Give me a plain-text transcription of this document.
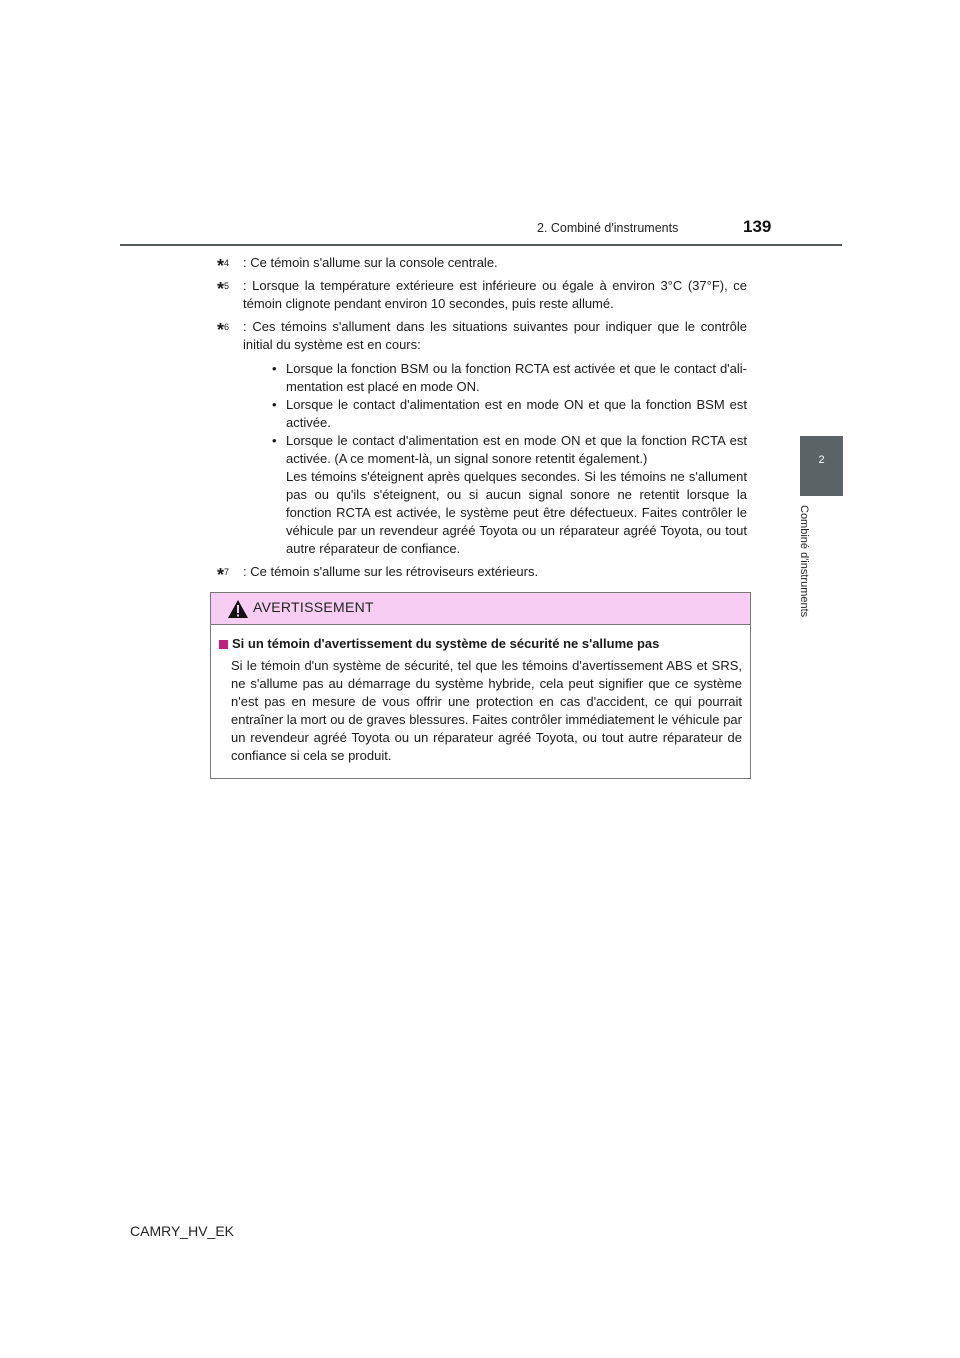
2. Combiné d'instruments	139
2
Combiné d'instruments
*$^4$ : Ce témoin s'allume sur la console centrale.
*$^5$ : Lorsque la température extérieure est inférieure ou égale à environ 3°C (37°F), ce témoin clignote pendant environ 10 secondes, puis reste allumé.
*$^6$ : Ces témoins s'allument dans les situations suivantes pour indiquer que le contrôle initial du système est en cours:
• Lorsque la fonction BSM ou la fonction RCTA est activée et que le contact d'ali-mentation est placé en mode ON.
• Lorsque le contact d'alimentation est en mode ON et que la fonction BSM est activée.
• Lorsque le contact d'alimentation est en mode ON et que la fonction RCTA est activée. (A ce moment-là, un signal sonore retentit également.)
Les témoins s'éteignent après quelques secondes. Si les témoins ne s'allument pas ou qu'ils s'éteignent, ou si aucun signal sonore ne retentit lorsque la fonction RCTA est activée, le système peut être défectueux. Faites contrôler le véhicule par un revendeur agréé Toyota ou un réparateur agréé Toyota, ou tout autre réparateur de confiance.
*$^7$ : Ce témoin s'allume sur les rétroviseurs extérieurs.
AVERTISSEMENT
Si un témoin d'avertissement du système de sécurité ne s'allume pas
Si le témoin d'un système de sécurité, tel que les témoins d'avertissement ABS et SRS, ne s'allume pas au démarrage du système hybride, cela peut signifier que ce système n'est pas en mesure de vous offrir une protection en cas d'accident, ce qui pourrait entraîner la mort ou de graves blessures. Faites contrôler immédiatement le véhicule par un revendeur agréé Toyota ou un réparateur agréé Toyota, ou tout autre réparateur de confiance si cela se produit.
CAMRY_HV_EK
